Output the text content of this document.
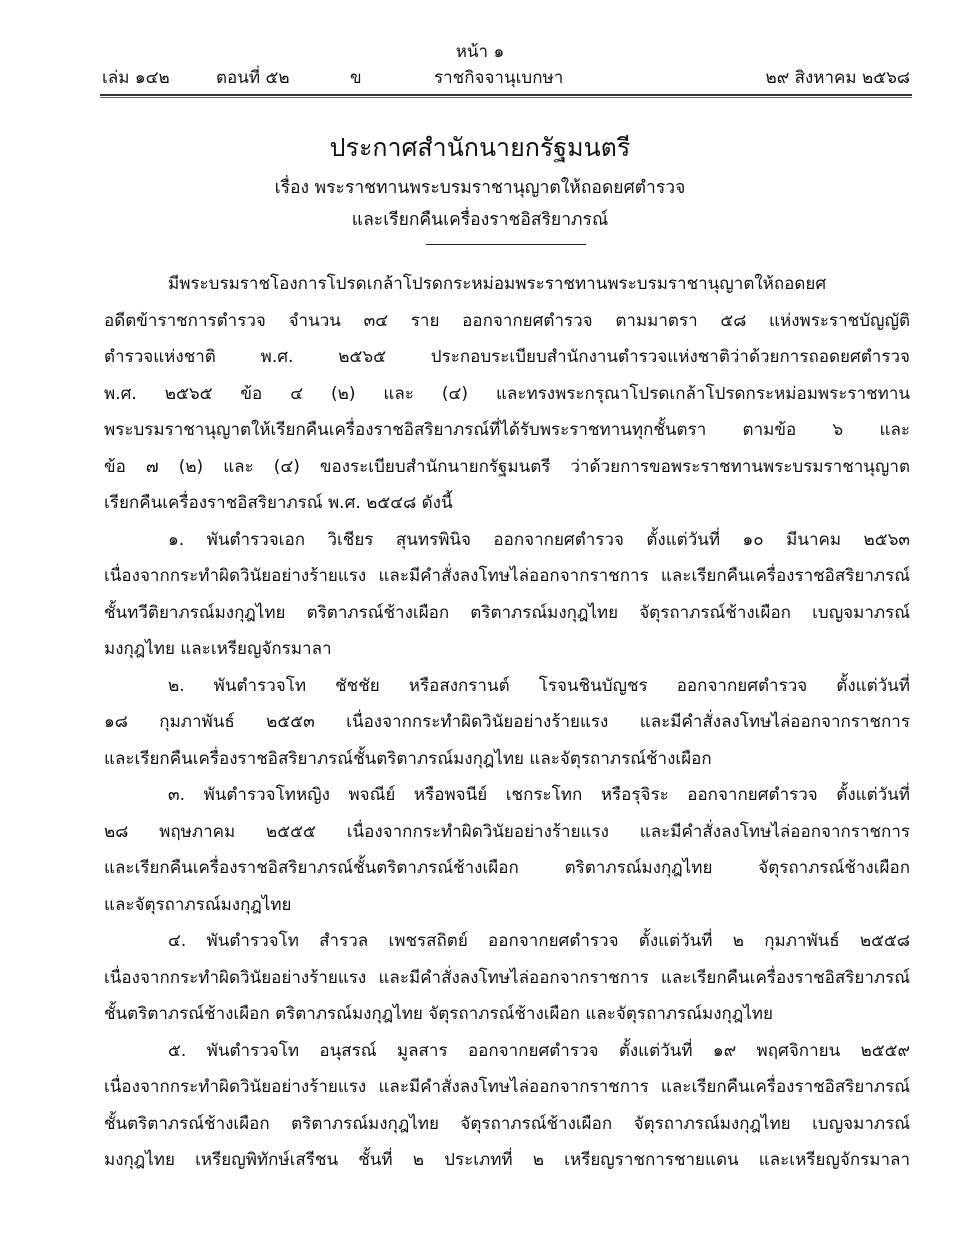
หน้า ๑
เล่ม ๑๔๒	ตอนที่ ๕๒	ข	ราชกิจจานุเบกษา	๒๙ สิงหาคม ๒๕๖๘
ประกาศสำนักนายกรัฐมนตรี
เรื่อง พระราชทานพระบรมราชานุญาตให้ถอดยศตำรวจ
และเรียกคืนเครื่องราชอิสริยาภรณ์
มีพระบรมราชโองการโปรดเกล้าโปรดกระหม่อมพระราชทานพระบรมราชานุญาตให้ถอดยศ
อดีตข้าราชการตำรวจ จำนวน ๓๔ ราย ออกจากยศตำรวจ ตามมาตรา ๕๘ แห่งพระราชบัญญัติ
ตำรวจแห่งชาติ พ.ศ. ๒๕๖๕ ประกอบระเบียบสำนักงานตำรวจแห่งชาติว่าด้วยการถอดยศตำรวจ
พ.ศ. ๒๕๖๕ ข้อ ๔ (๒) และ (๔) และทรงพระกรุณาโปรดเกล้าโปรดกระหม่อมพระราชทาน
พระบรมราชานุญาตให้เรียกคืนเครื่องราชอิสริยาภรณ์ที่ได้รับพระราชทานทุกชั้นตรา ตามข้อ ๖ และ
ข้อ ๗ (๒) และ (๔) ของระเบียบสำนักนายกรัฐมนตรี ว่าด้วยการขอพระราชทานพระบรมราชานุญาต
เรียกคืนเครื่องราชอิสริยาภรณ์ พ.ศ. ๒๕๔๘ ดังนี้
๑. พันตำรวจเอก วิเชียร สุนทรพินิจ ออกจากยศตำรวจ ตั้งแต่วันที่ ๑๐ มีนาคม ๒๕๖๓
เนื่องจากกระทำผิดวินัยอย่างร้ายแรง และมีคำสั่งลงโทษไล่ออกจากราชการ และเรียกคืนเครื่องราชอิสริยาภรณ์
ชั้นทวีติยาภรณ์มงกุฎไทย ตริตาภรณ์ช้างเผือก ตริตาภรณ์มงกุฎไทย จัตุรถาภรณ์ช้างเผือก เบญจมาภรณ์
มงกุฎไทย และเหรียญจักรมาลา
๒. พันตำรวจโท ชัชชัย หรือสงกรานต์ โรจนชินบัญชร ออกจากยศตำรวจ ตั้งแต่วันที่
๑๘ กุมภาพันธ์ ๒๕๕๓ เนื่องจากกระทำผิดวินัยอย่างร้ายแรง และมีคำสั่งลงโทษไล่ออกจากราชการ
และเรียกคืนเครื่องราชอิสริยาภรณ์ชั้นตริตาภรณ์มงกุฎไทย และจัตุรถาภรณ์ช้างเผือก
๓. พันตำรวจโทหญิง พจณีย์ หรือพจนีย์ เชกระโทก หรือรุจิระ ออกจากยศตำรวจ ตั้งแต่วันที่
๒๘ พฤษภาคม ๒๕๕๕ เนื่องจากกระทำผิดวินัยอย่างร้ายแรง และมีคำสั่งลงโทษไล่ออกจากราชการ
และเรียกคืนเครื่องราชอิสริยาภรณ์ชั้นตริตาภรณ์ช้างเผือก ตริตาภรณ์มงกุฎไทย จัตุรถาภรณ์ช้างเผือก
และจัตุรถาภรณ์มงกุฎไทย
๔. พันตำรวจโท สำรวล เพชรสถิตย์ ออกจากยศตำรวจ ตั้งแต่วันที่ ๒ กุมภาพันธ์ ๒๕๕๘
เนื่องจากกระทำผิดวินัยอย่างร้ายแรง และมีคำสั่งลงโทษไล่ออกจากราชการ และเรียกคืนเครื่องราชอิสริยาภรณ์
ชั้นตริตาภรณ์ช้างเผือก ตริตาภรณ์มงกุฎไทย จัตุรถาภรณ์ช้างเผือก และจัตุรถาภรณ์มงกุฎไทย
๕. พันตำรวจโท อนุสรณ์ มูลสาร ออกจากยศตำรวจ ตั้งแต่วันที่ ๑๙ พฤศจิกายน ๒๕๕๙
เนื่องจากกระทำผิดวินัยอย่างร้ายแรง และมีคำสั่งลงโทษไล่ออกจากราชการ และเรียกคืนเครื่องราชอิสริยาภรณ์
ชั้นตริตาภรณ์ช้างเผือก ตริตาภรณ์มงกุฎไทย จัตุรถาภรณ์ช้างเผือก จัตุรถาภรณ์มงกุฎไทย เบญจมาภรณ์
มงกุฎไทย เหรียญพิทักษ์เสรีชน ชั้นที่ ๒ ประเภทที่ ๒ เหรียญราชการชายแดน และเหรียญจักรมาลา
